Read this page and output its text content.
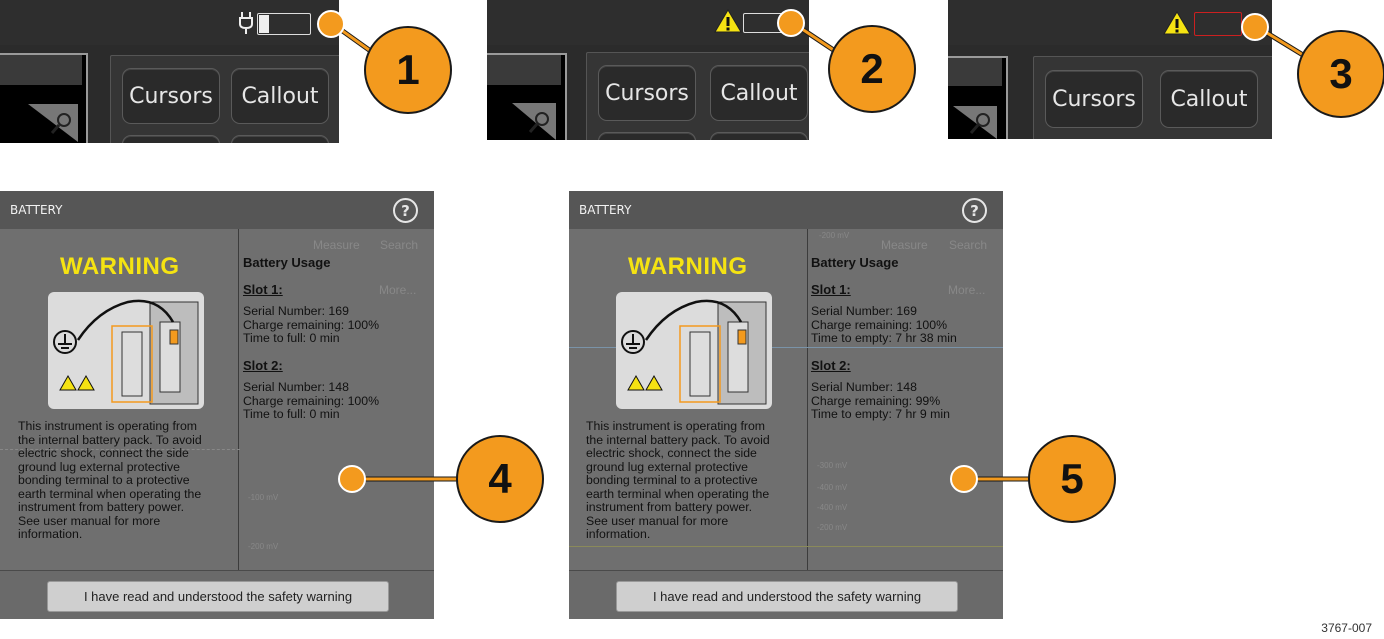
Cursors	Callout	Cursors	Callout	Cursors	Callout
BATTERY	?
Measure Search
More...
-100 mV
-200 mV
WARNING
This instrument is operating from
the internal battery pack. To avoid
electric shock, connect the side
ground lug external protective
bonding terminal to a protective
earth terminal when operating the
instrument from battery power.
See user manual for more
information.
Battery Usage
Slot 1:
Serial Number: 169
Charge remaining: 100%
Time to full: 0 min
Slot 2:
Serial Number: 148
Charge remaining: 100%
Time to full: 0 min
I have read and understood the safety warning
BATTERY	?
Measure Search
More...
-200 mV
-300 mV
-400 mV
-400 mV
-200 mV
WARNING
This instrument is operating from
the internal battery pack. To avoid
electric shock, connect the side
ground lug external protective
bonding terminal to a protective
earth terminal when operating the
instrument from battery power.
See user manual for more
information.
Battery Usage
Slot 1:
Serial Number: 169
Charge remaining: 100%
Time to empty: 7 hr 38 min
Slot 2:
Serial Number: 148
Charge remaining: 99%
Time to empty: 7 hr 9 min
I have read and understood the safety warning
1	2	3
4	5
3767-007
